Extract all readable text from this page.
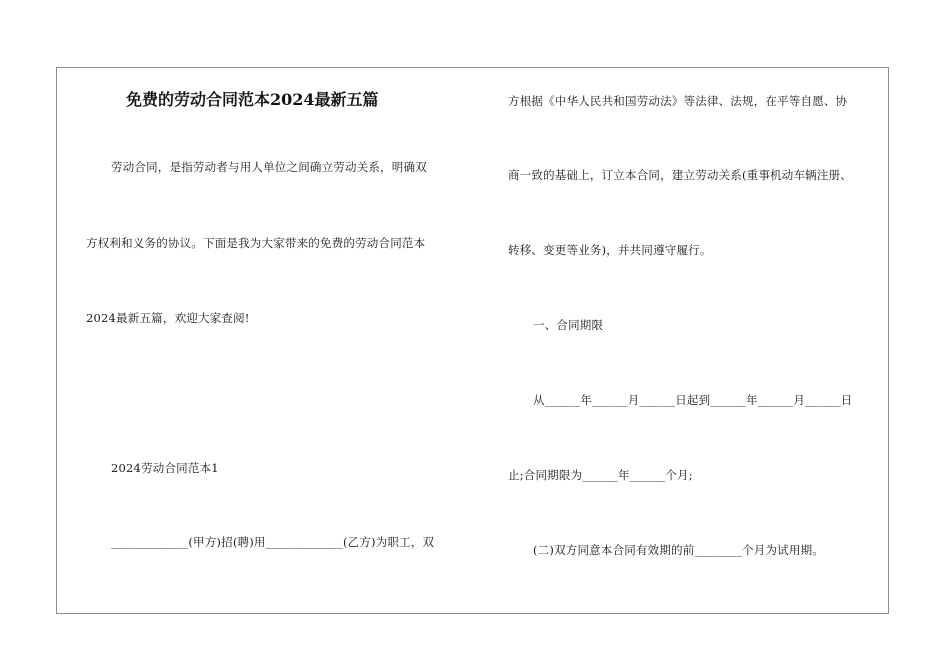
免费的劳动合同范本2024最新五篇
劳动合同，是指劳动者与用人单位之间确立劳动关系，明确双
方权利和义务的协议。下面是我为大家带来的免费的劳动合同范本
2024最新五篇，欢迎大家查阅!
2024劳动合同范本1
_____________(甲方)招(聘)用_____________(乙方)为职工，双
方根据《中华人民共和国劳动法》等法律、法规，在平等自愿、协
商一致的基础上，订立本合同，建立劳动关系(重事机动车辆注册、
转移、变更等业务)，并共同遵守履行。
一、合同期限
从______年______月______日起到______年______月______日
止;合同期限为______年______个月;
(二)双方同意本合同有效期的前________个月为试用期。
